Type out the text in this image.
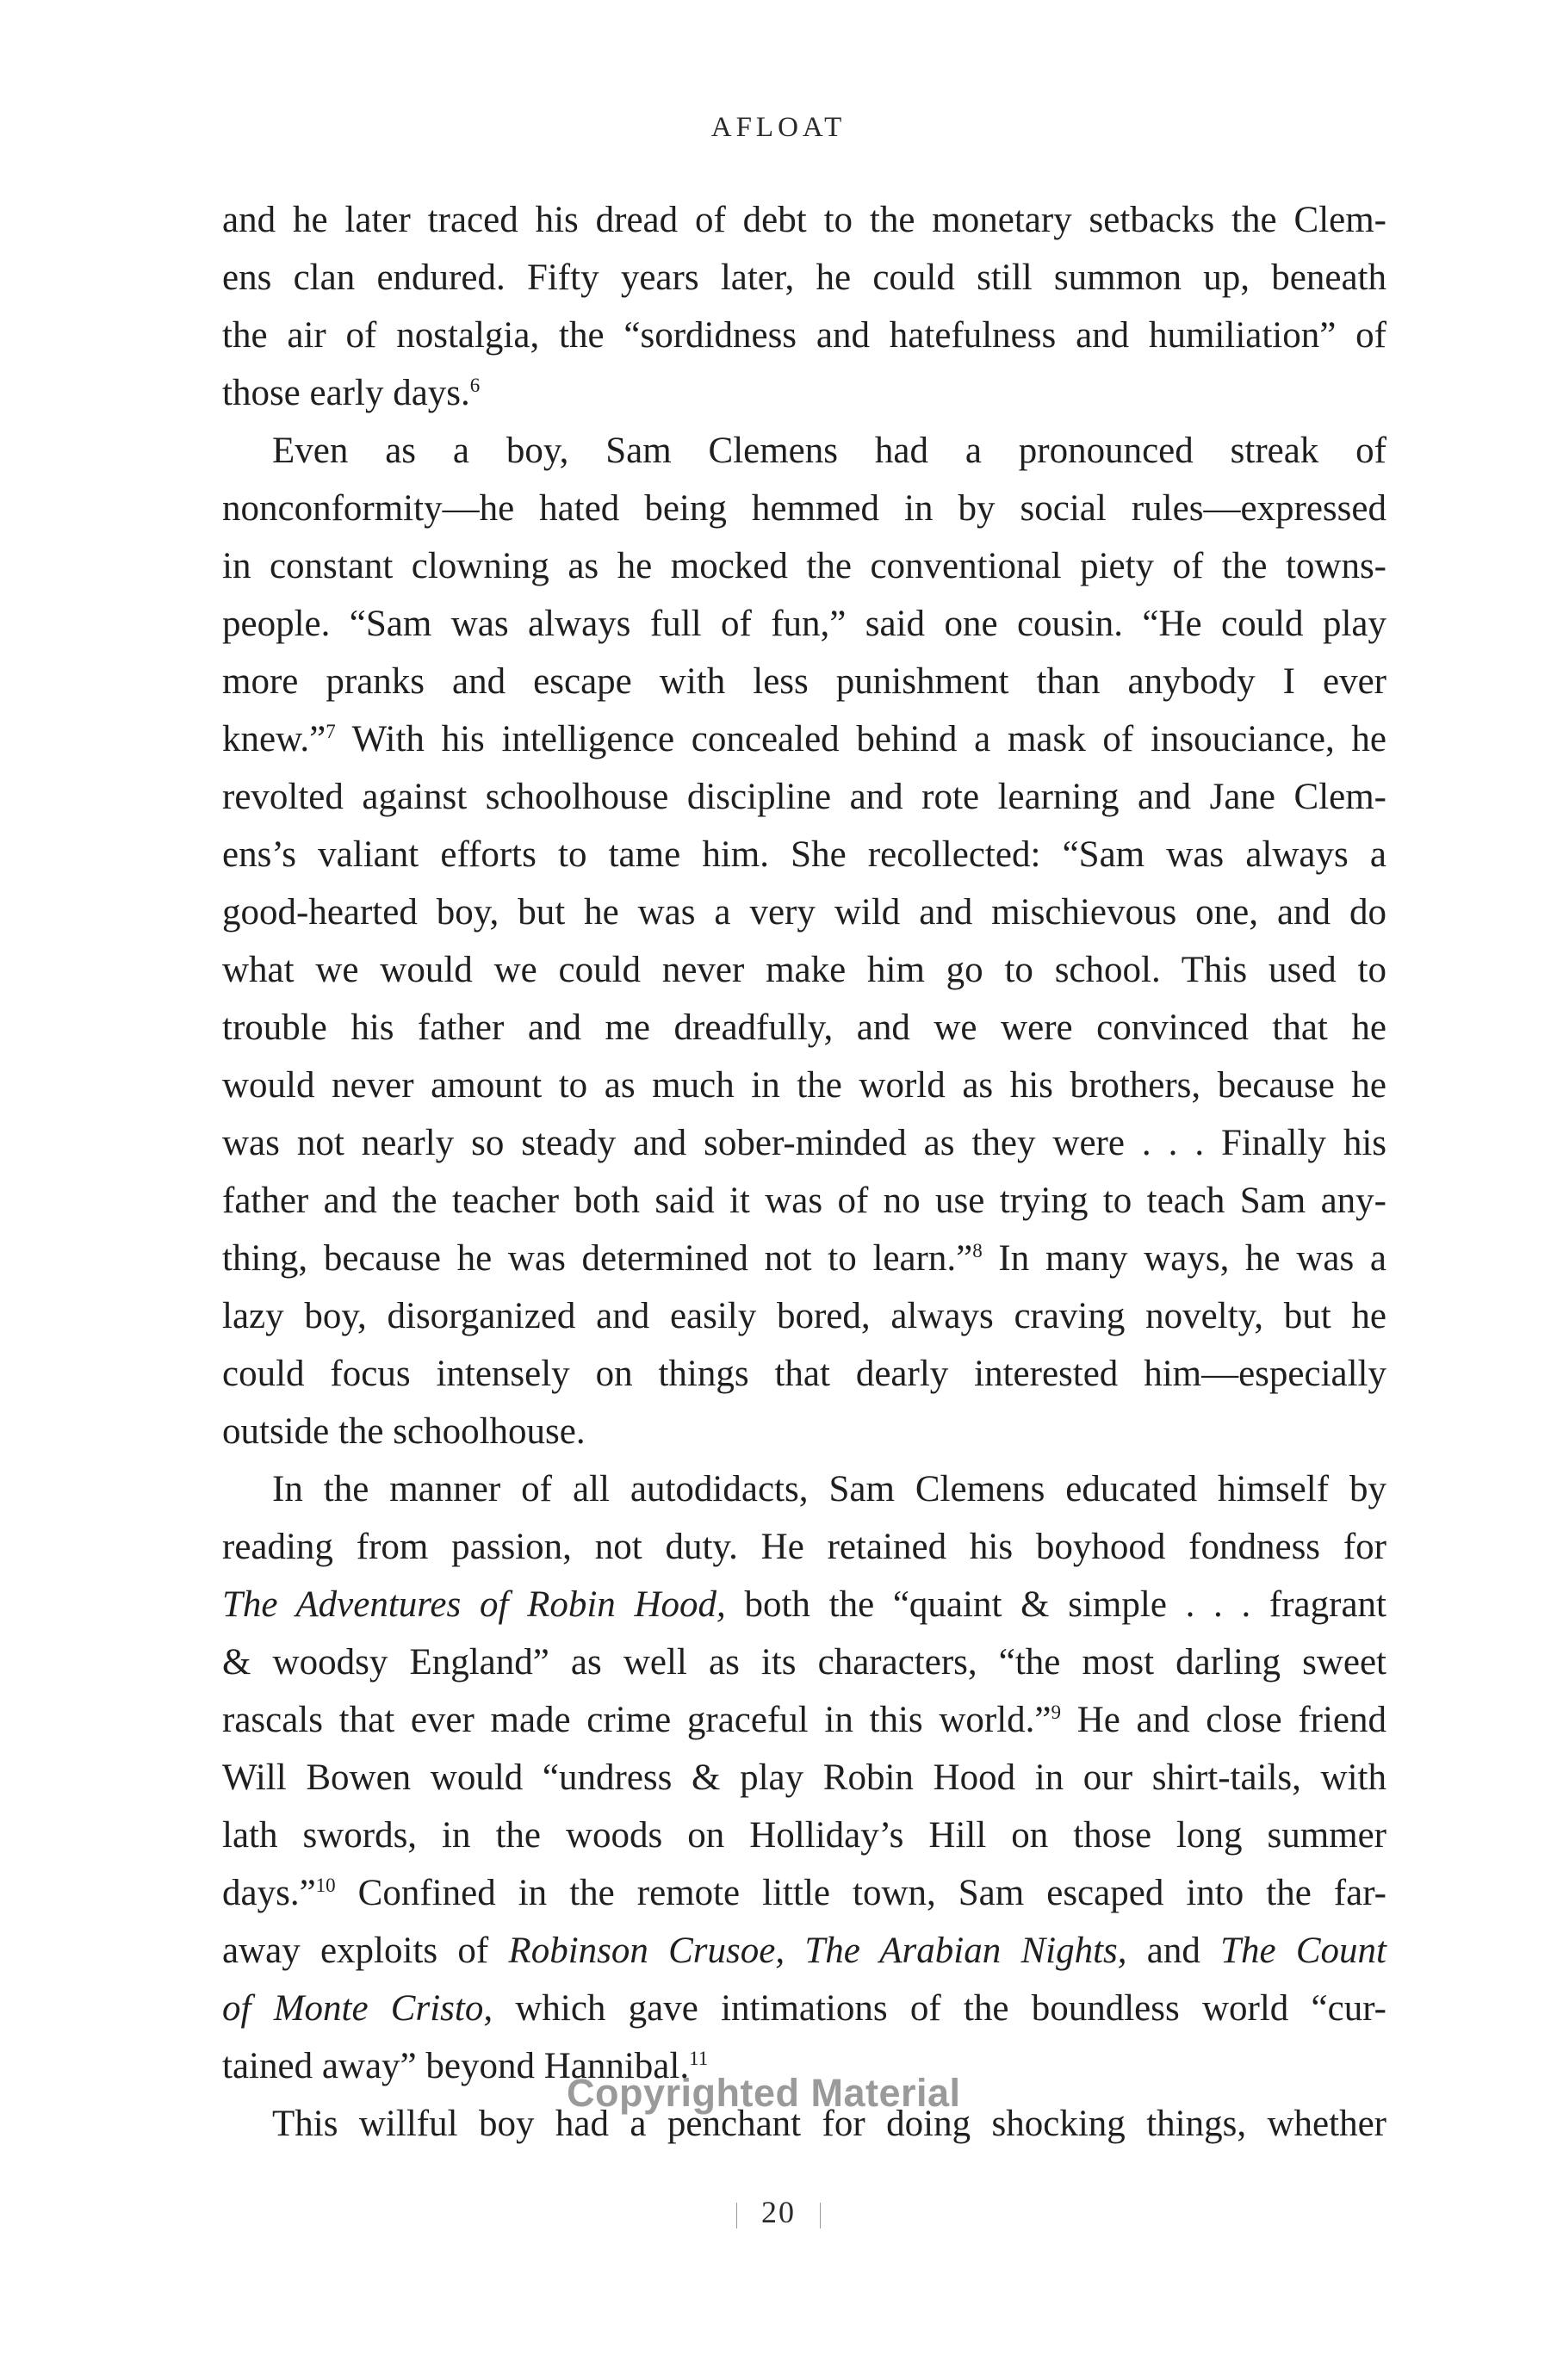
AFLOAT

and he later traced his dread of debt to the monetary setbacks the Clem-
ens clan endured. Fifty years later, he could still summon up, beneath
the air of nostalgia, the “sordidness and hatefulness and humiliation” of
those early days.$^6$

Even as a boy, Sam Clemens had a pronounced streak of
nonconformity—he hated being hemmed in by social rules—expressed
in constant clowning as he mocked the conventional piety of the towns-
people. “Sam was always full of fun,” said one cousin. “He could play
more pranks and escape with less punishment than anybody I ever
knew.”$^7$ With his intelligence concealed behind a mask of insouciance, he
revolted against schoolhouse discipline and rote learning and Jane Clem-
ens’s valiant efforts to tame him. She recollected: “Sam was always a
good-hearted boy, but he was a very wild and mischievous one, and do
what we would we could never make him go to school. This used to
trouble his father and me dreadfully, and we were convinced that he
would never amount to as much in the world as his brothers, because he
was not nearly so steady and sober-minded as they were . . . Finally his
father and the teacher both said it was of no use trying to teach Sam any-
thing, because he was determined not to learn.”$^8$ In many ways, he was a
lazy boy, disorganized and easily bored, always craving novelty, but he
could focus intensely on things that dearly interested him—especially
outside the schoolhouse.

In the manner of all autodidacts, Sam Clemens educated himself by
reading from passion, not duty. He retained his boyhood fondness for
The Adventures of Robin Hood, both the “quaint & simple . . . fragrant
& woodsy England” as well as its characters, “the most darling sweet
rascals that ever made crime graceful in this world.”$^9$ He and close friend
Will Bowen would “undress & play Robin Hood in our shirt-tails, with
lath swords, in the woods on Holliday’s Hill on those long summer
days.”$^{10}$ Confined in the remote little town, Sam escaped into the far-
away exploits of Robinson Crusoe, The Arabian Nights, and The Count
of Monte Cristo, which gave intimations of the boundless world “cur-
tained away” beyond Hannibal.$^{11}$

This willful boy had a penchant for doing shocking things, whether

Copyrighted Material
20
